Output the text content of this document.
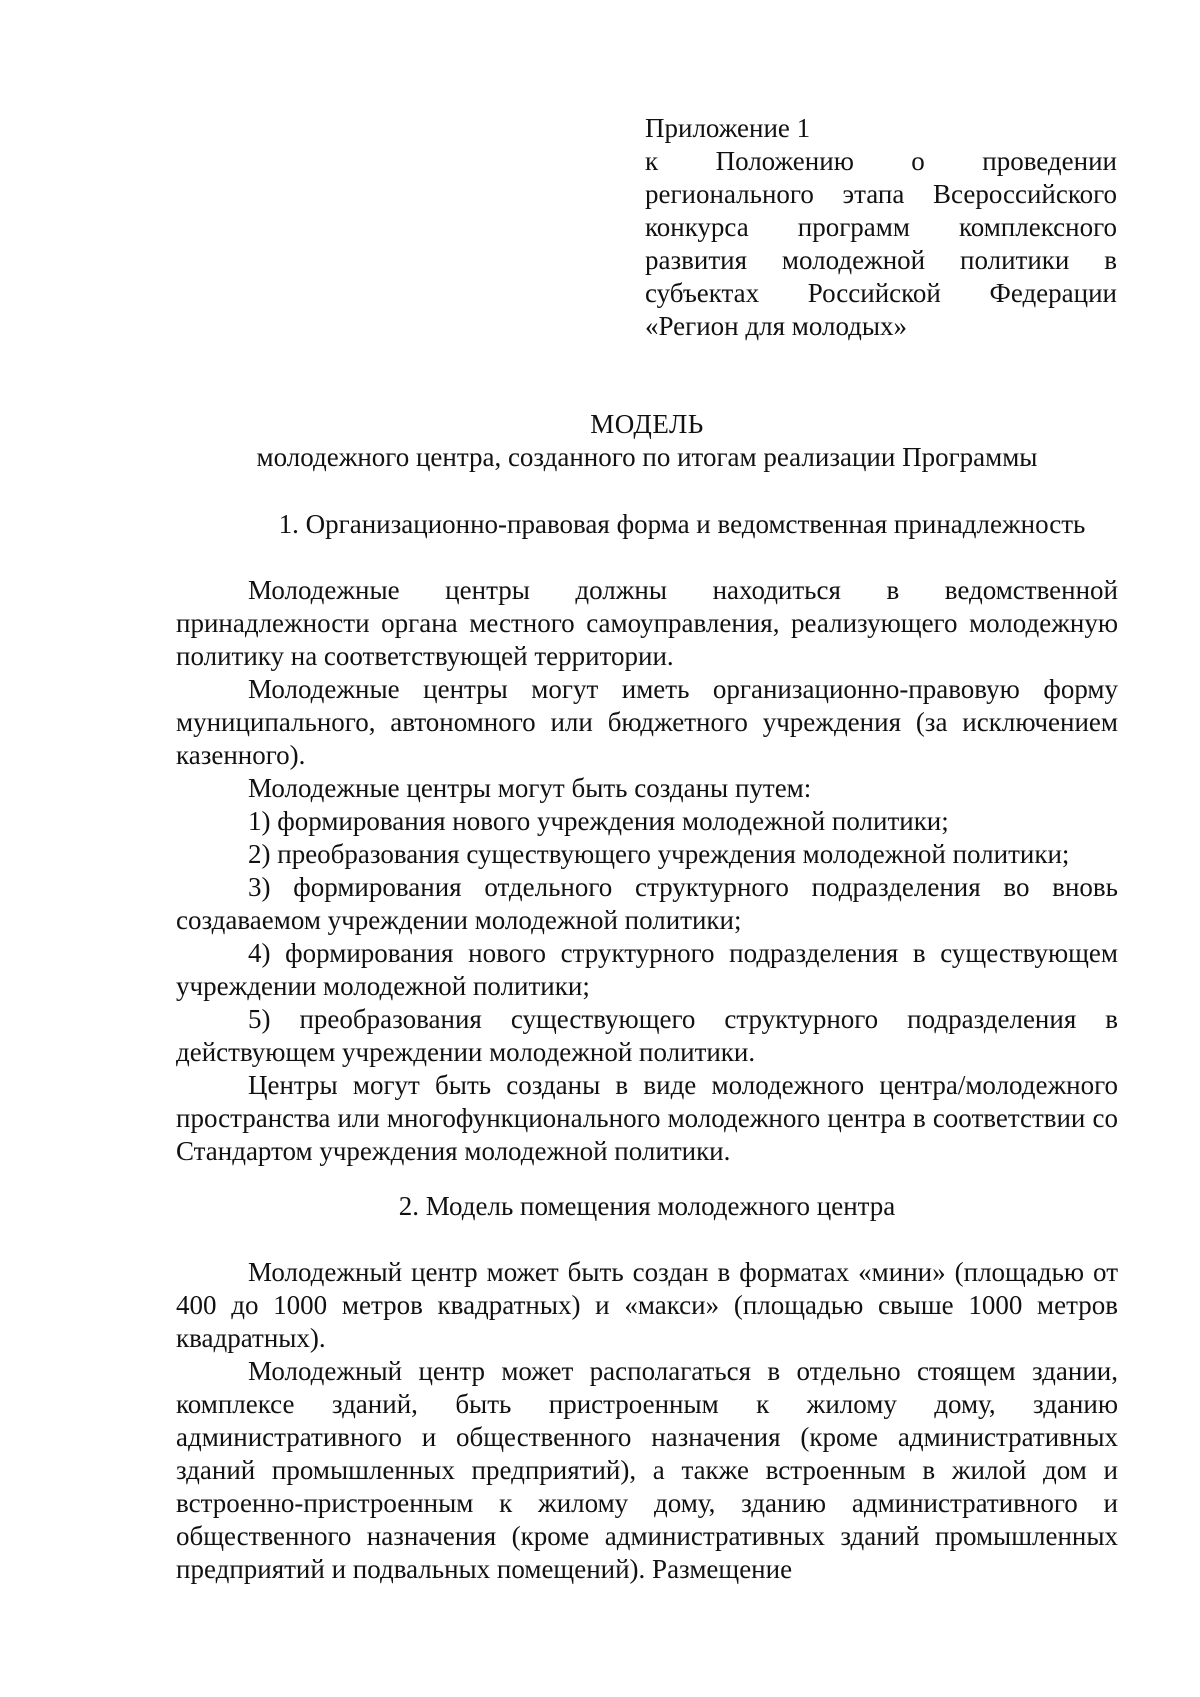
Приложение 1
к Положению о проведении
регионального этапа Всероссийского
конкурса программ комплексного
развития молодежной политики в
субъектах Российской Федерации
«Регион для молодых»
МОДЕЛЬ
молодежного центра, созданного по итогам реализации Программы
1. Организационно-правовая форма и ведомственная принадлежность

Молодежные центры должны находиться в ведомственной принадлежности органа местного самоуправления, реализующего молодежную политику на соответствующей территории.

Молодежные центры могут иметь организационно-правовую форму муниципального, автономного или бюджетного учреждения (за исключением казенного).

Молодежные центры могут быть созданы путем:

1) формирования нового учреждения молодежной политики;

2) преобразования существующего учреждения молодежной политики;

3) формирования отдельного структурного подразделения во вновь создаваемом учреждении молодежной политики;

4) формирования нового структурного подразделения в существующем учреждении молодежной политики;

5) преобразования существующего структурного подразделения в действующем учреждении молодежной политики.

Центры могут быть созданы в виде молодежного центра/молодежного пространства или многофункционального молодежного центра в соответствии со Стандартом учреждения молодежной политики.

2. Модель помещения молодежного центра

Молодежный центр может быть создан в форматах «мини» (площадью от 400 до 1000 метров квадратных) и «макси» (площадью свыше 1000 метров квадратных).

Молодежный центр может располагаться в отдельно стоящем здании, комплексе зданий, быть пристроенным к жилому дому, зданию административного и общественного назначения (кроме административных зданий промышленных предприятий), а также встроенным в жилой дом и встроенно-пристроенным к жилому дому, зданию административного и общественного назначения (кроме административных зданий промышленных предприятий и подвальных помещений). Размещение
